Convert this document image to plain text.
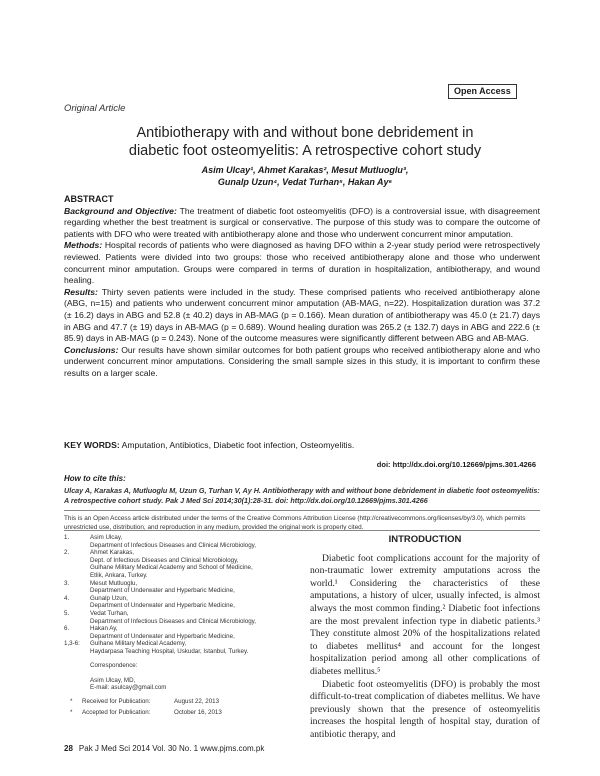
Open Access
Original Article
Antibiotherapy with and without bone debridement in
diabetic foot osteomyelitis: A retrospective cohort study
Asim Ulcay¹, Ahmet Karakas², Mesut Mutluoglu³,
Gunalp Uzun⁴, Vedat Turhan⁵, Hakan Ay⁶
ABSTRACT

Background and Objective: The treatment of diabetic foot osteomyelitis (DFO) is a controversial issue, with disagreement regarding whether the best treatment is surgical or conservative. The purpose of this study was to compare the outcome of patients with DFO who were treated with antibiotherapy alone and those who underwent concurrent minor amputation.

Methods: Hospital records of patients who were diagnosed as having DFO within a 2-year study period were retrospectively reviewed. Patients were divided into two groups: those who received antibiotherapy alone and those who underwent concurrent minor amputation. Groups were compared in terms of duration in hospitalization, antibiotherapy, and wound healing.

Results: Thirty seven patients were included in the study. These comprised patients who received antibiotherapy alone (ABG, n=15) and patients who underwent concurrent minor amputation (AB-MAG, n=22). Hospitalization duration was 37.2 (± 16.2) days in ABG and 52.8 (± 40.2) days in AB-MAG (p = 0.166). Mean duration of antibiotherapy was 45.0 (± 21.7) days in ABG and 47.7 (± 19) days in AB-MAG (p = 0.689). Wound healing duration was 265.2 (± 132.7) days in ABG and 222.6 (± 85.9) days in AB-MAG (p = 0.243). None of the outcome measures were significantly different between ABG and AB-MAG.

Conclusions: Our results have shown similar outcomes for both patient groups who received antibiotherapy alone and who underwent concurrent minor amputations. Considering the small sample sizes in this study, it is important to confirm these results on a larger scale.

KEY WORDS: Amputation, Antibiotics, Diabetic foot infection, Osteomyelitis.
doi: http://dx.doi.org/10.12669/pjms.301.4266
How to cite this:
Ulcay A, Karakas A, Mutluoglu M, Uzun G, Turhan V, Ay H. Antibiotherapy with and without bone debridement in diabetic foot osteomyelitis: A retrospective cohort study. Pak J Med Sci 2014;30(1):28-31. doi: http://dx.doi.org/10.12669/pjms.301.4266
This is an Open Access article distributed under the terms of the Creative Commons Attribution License (http://creativecommons.org/licenses/by/3.0), which permits unrestricted use, distribution, and reproduction in any medium, provided the original work is properly cited.
1.	Asim Ulcay,
Department of Infectious Diseases and Clinical Microbiology,
2.	Ahmet Karakas,
Dept. of Infectious Diseases and Clinical Microbiology,
Gulhane Military Medical Academy and School of Medicine,
Etlik, Ankara, Turkey.
3.	Mesut Mutluoglu,
Department of Underwater and Hyperbaric Medicine,
4.	Gunalp Uzun,
Department of Underwater and Hyperbaric Medicine,
5.	Vedat Turhan,
Department of Infectious Diseases and Clinical Microbiology,
6.	Hakan Ay,
Department of Underwater and Hyperbaric Medicine,
1,3-6:	Gulhane Military Medical Academy,
Haydarpasa Teaching Hospital, Uskudar, Istanbul, Turkey.
Correspondence:

Asim Ulcay, MD,
E-mail: asulcay@gmail.com
*	Received for Publication:	August 22, 2013
*	Accepted for Publication:	October 16, 2013
INTRODUCTION

Diabetic foot complications account for the majority of non-traumatic lower extremity amputations across the world.¹ Considering the characteristics of these amputations, a history of ulcer, usually infected, is almost always the most common finding.² Diabetic foot infections are the most prevalent infection type in diabetic patients.³ They constitute almost 20% of the hospitalizations related to diabetes mellitus⁴ and account for the longest hospitalization period among all other complications of diabetes mellitus.⁵

Diabetic foot osteomyelitis (DFO) is probably the most difficult-to-treat complication of diabetes mellitus. We have previously shown that the presence of osteomyelitis increases the hospital length of hospital stay, duration of antibiotic therapy, and

28 Pak J Med Sci 2014 Vol. 30 No. 1 www.pjms.com.pk
